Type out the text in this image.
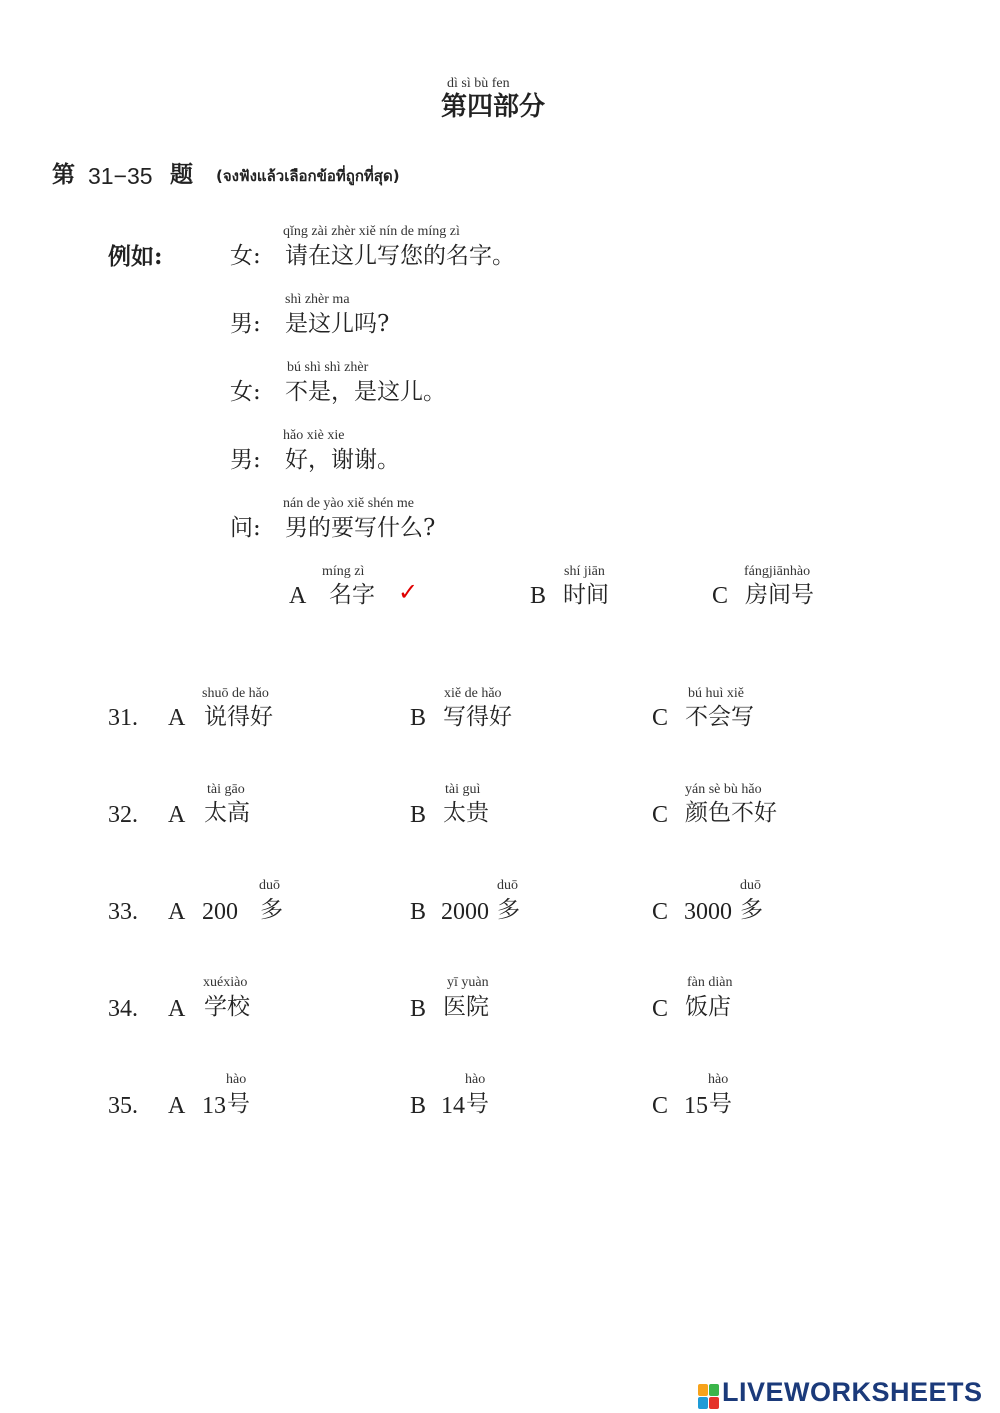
dì sì bù fen
第四部分
第 31−35 题 (จงฟังแล้วเลือกข้อที่ถูกที่สุด)
例如:
qǐng zài zhèr xiě nín de míng zì
女: 请在这儿写您的名字。
shì zhèr ma
男: 是这儿吗?
bú shì shì zhèr
女: 不是，是这儿。
hǎo xiè xie
男: 好，谢谢。
nán de yào xiě shén me
问: 男的要写什么?
A
míng zì
名字 ✓	B
shí jiān
时间	C
fángjiānhào
房间号
31. A
shuō de hǎo
说得好	B
xiě de hǎo
写得好	C
bú huì xiě
不会写
32. A
tài gāo
太高	B
tài guì
太贵	C
yán sè bù hǎo
颜色不好
33. A 200
duō
多	B 2000
duō
多	C 3000
duō
多
34. A
xuéxiào
学校	B
yī yuàn
医院	C
fàn diàn
饭店
35. A 13
hào
号	B 14
hào
号	C 15
hào
号
LIVEWORKSHEETS
